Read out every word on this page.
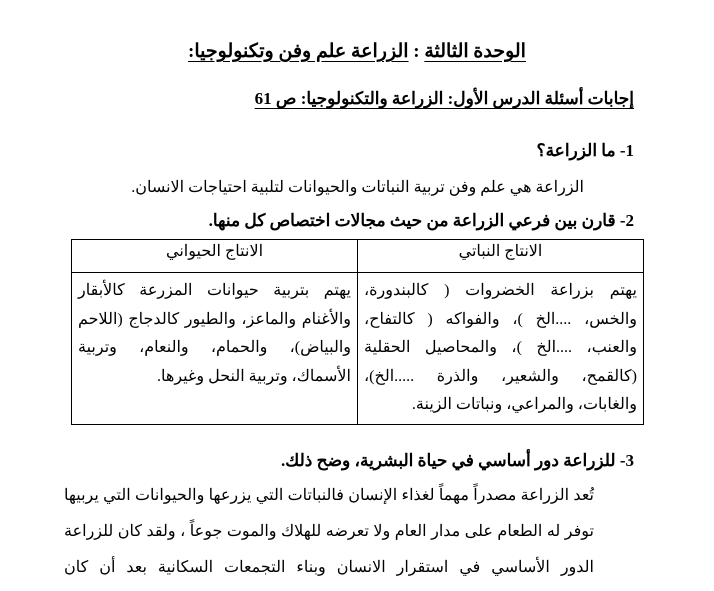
الوحدة الثالثة : الزراعة علم وفن وتكنولوجيا:
إجابات أسئلة الدرس الأول: الزراعة والتكنولوجيا: ص 61
1- ما الزراعة؟
الزراعة هي علم وفن تربية النباتات والحيوانات لتلبية احتياجات الانسان.
2- قارن بين فرعي الزراعة من حيث مجالات اختصاص كل منها.
الانتاج النباتي	الانتاج الحيواني
يهتم بزراعة الخضروات ( كالبندورة، والخس، ....الخ )، والفواكه ( كالتفاح، والعنب، ....الخ )، والمحاصيل الحقلية (كالقمح، والشعير، والذرة .....الخ)، والغابات، والمراعي، ونباتات الزينة.	يهتم بتربية حيوانات المزرعة كالأبقار والأغنام والماعز، والطيور كالدجاج (اللاحم والبياض)، والحمام، والنعام، وتربية الأسماك، وتربية النحل وغيرها.
3- للزراعة دور أساسي في حياة البشرية، وضح ذلك.
تُعد الزراعة مصدراً مهماً لغذاء الإنسان فالنباتات التي يزرعها والحيوانات التي يربيها توفر له الطعام على مدار العام ولا تعرضه للهلاك والموت جوعاً ، ولقد كان للزراعة الدور الأساسي في استقرار الانسان وبناء التجمعات السكانية بعد أن كان
